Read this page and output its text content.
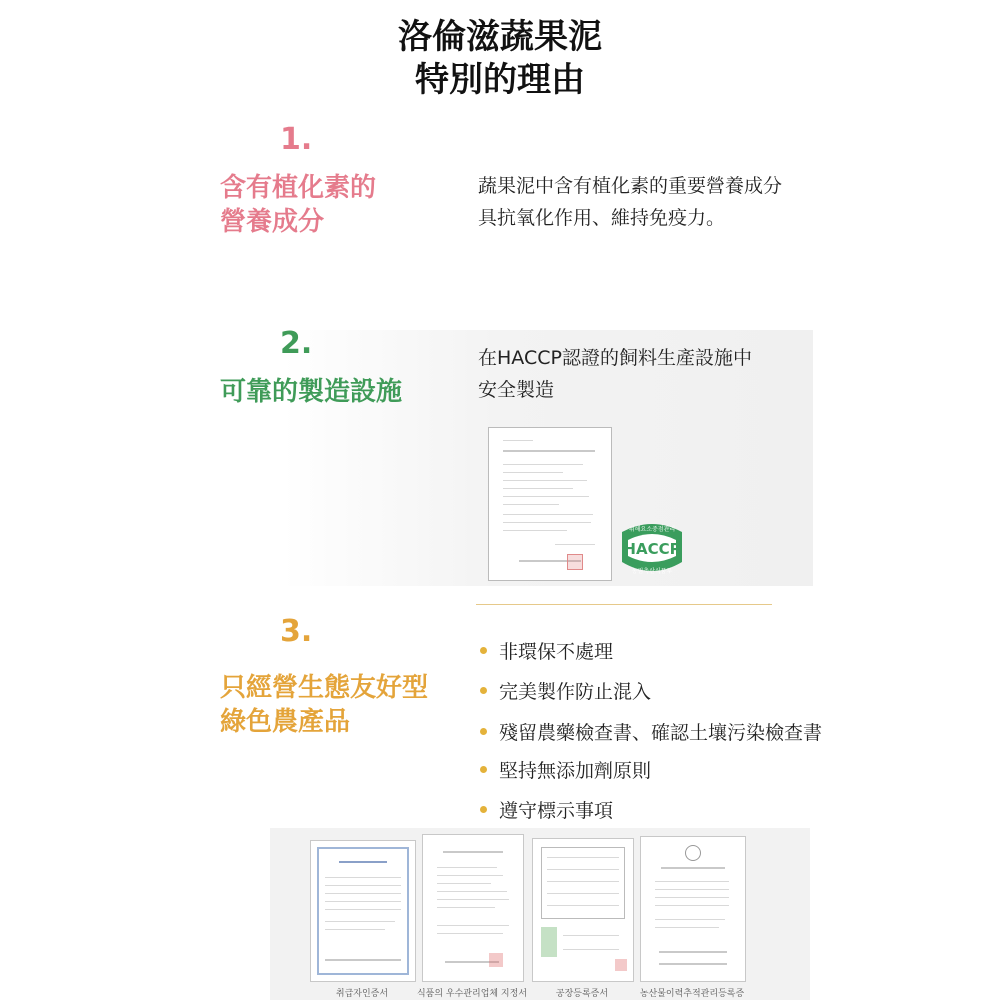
洛倫滋蔬果泥
特別的理由
1.
含有植化素的
營養成分
蔬果泥中含有植化素的重要營養成分
具抗氧化作用、維持免疫力。
2.
可靠的製造設施
在HACCP認證的飼料生產設施中
安全製造
위해요소중점관리
HACCP
농림축산식품부
3.
只經營生態友好型
綠色農產品
非環保不處理
完美製作防止混入
殘留農藥檢查書、確認土壤污染檢查書
堅持無添加劑原則
遵守標示事項
취급자인증서	식품의 우수관리업체 지정서	공장등록증서	농산물이력추적관리등록증
